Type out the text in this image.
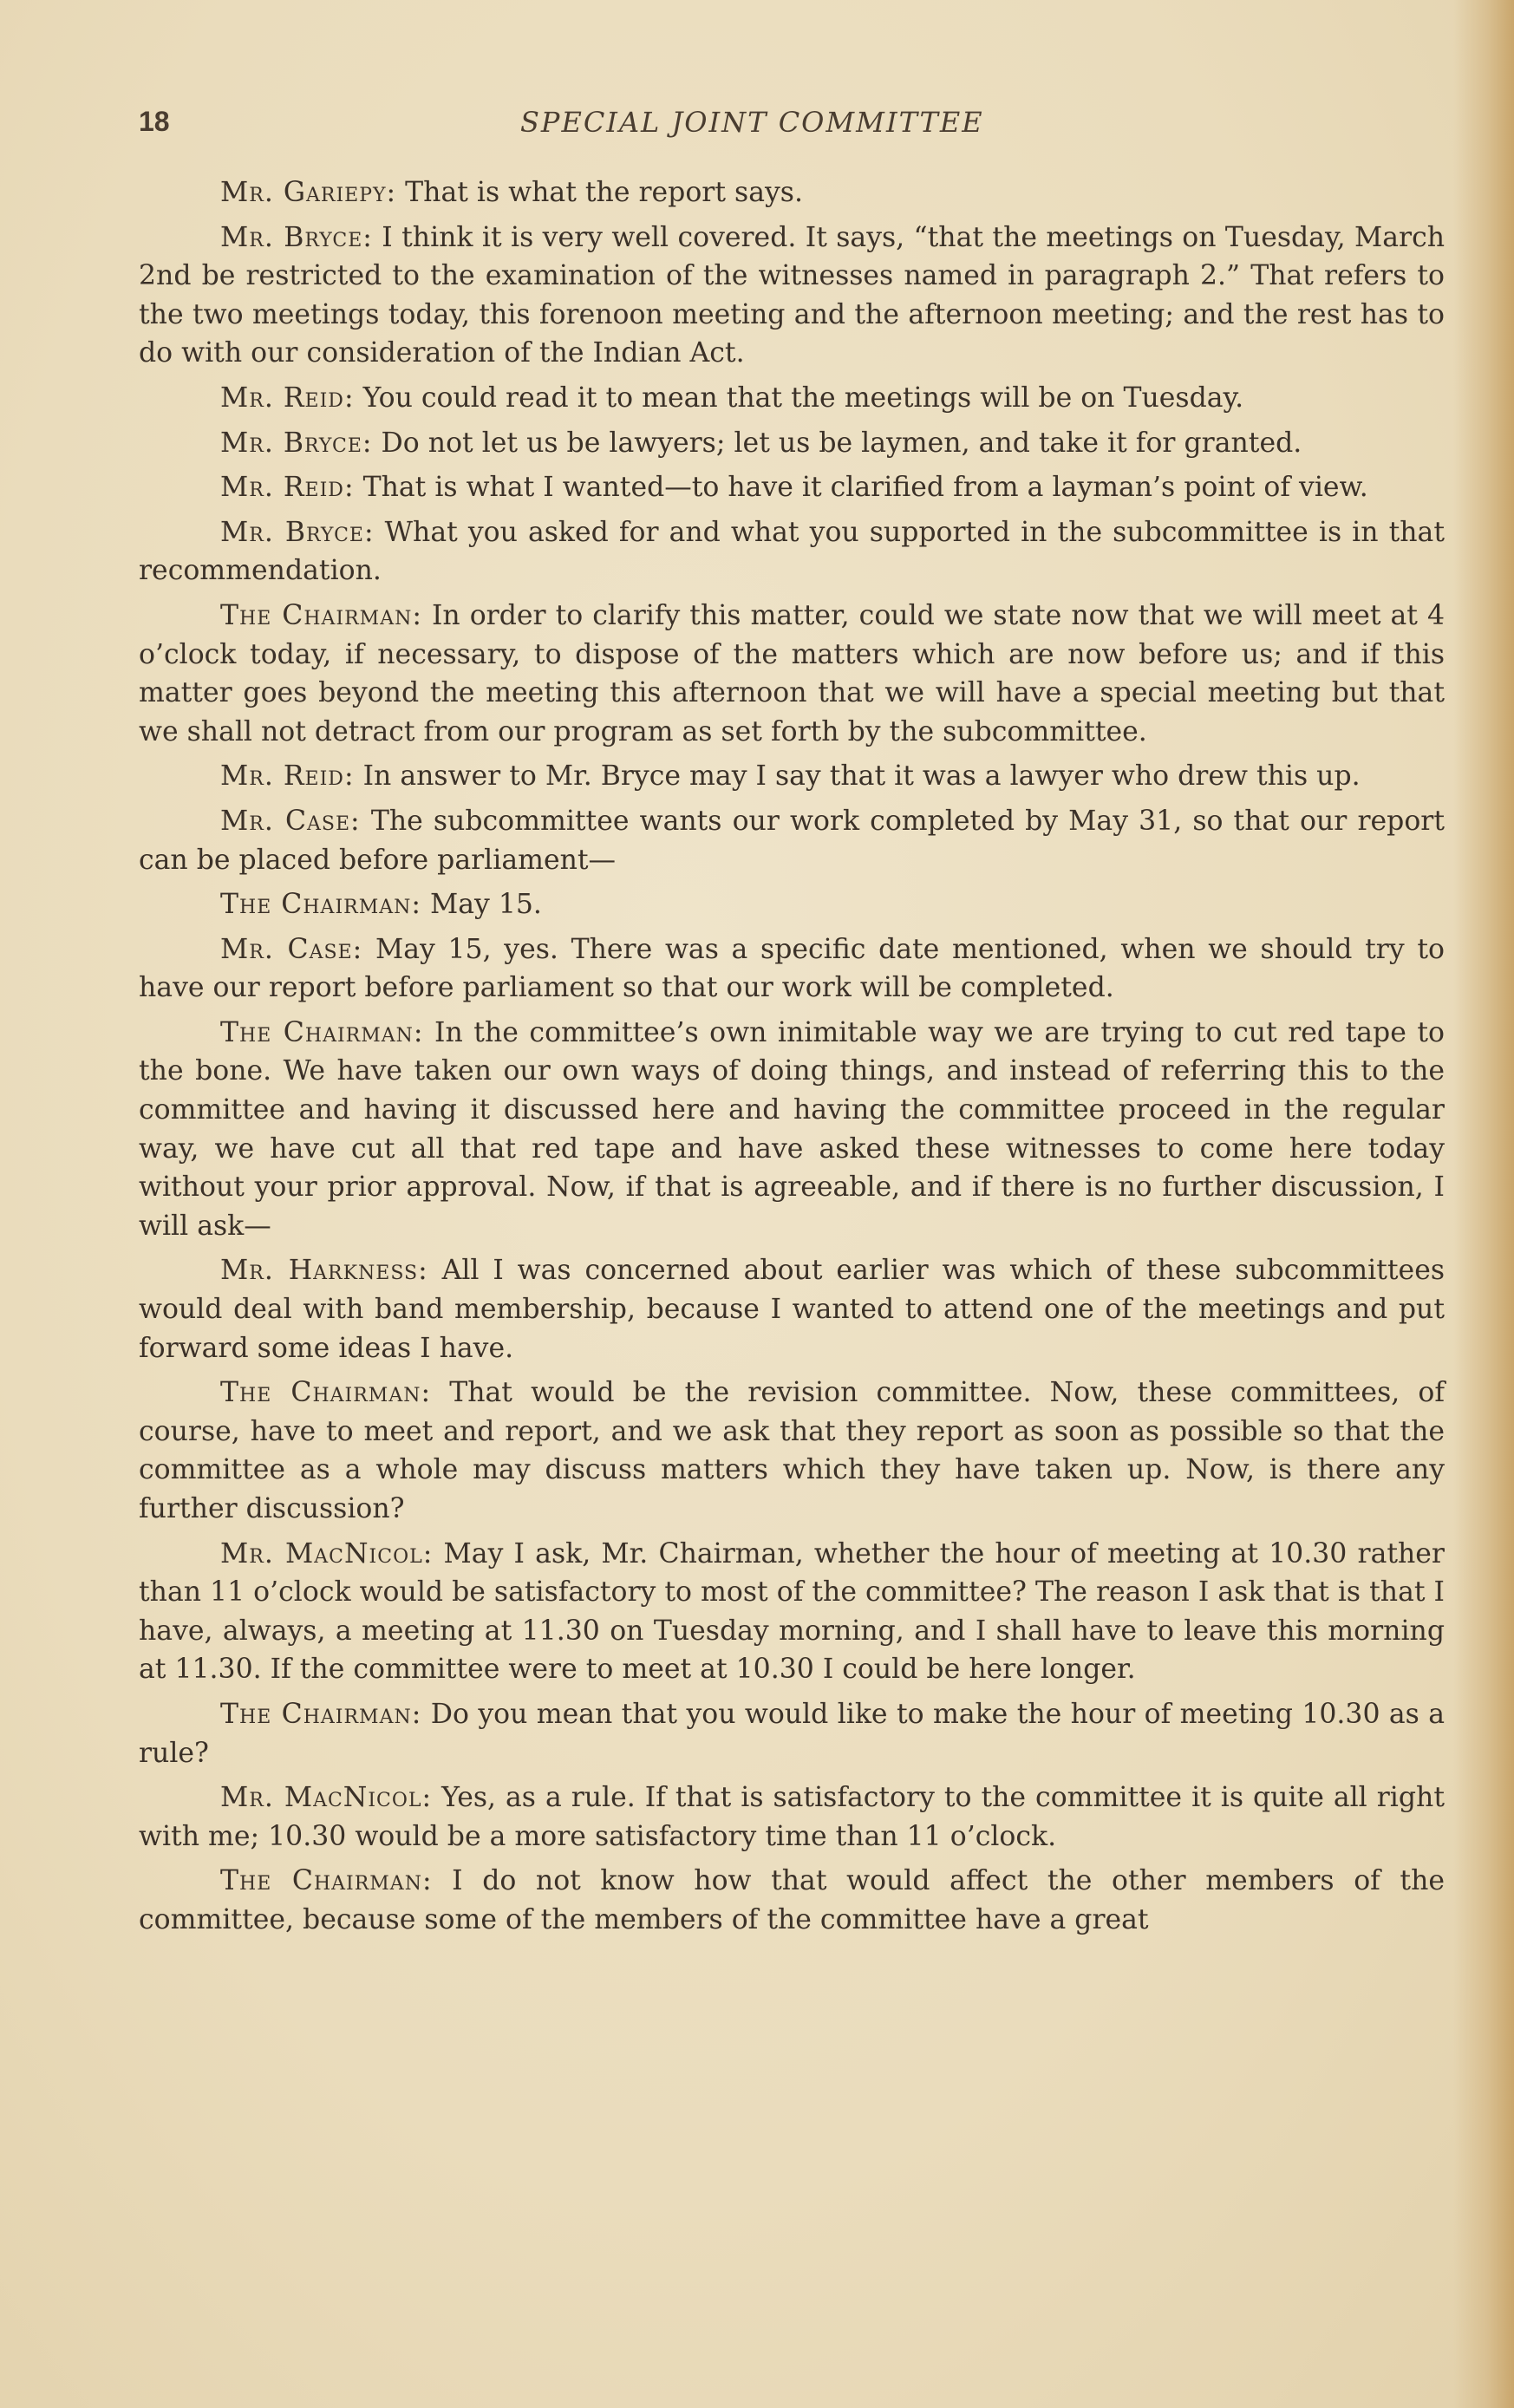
18	SPECIAL JOINT COMMITTEE

Mr. Gariepy: That is what the report says.

Mr. Bryce: I think it is very well covered. It says, “that the meetings on Tuesday, March 2nd be restricted to the examination of the witnesses named in paragraph 2.” That refers to the two meetings today, this forenoon meeting and the afternoon meeting; and the rest has to do with our consideration of the Indian Act.

Mr. Reid: You could read it to mean that the meetings will be on Tuesday.

Mr. Bryce: Do not let us be lawyers; let us be laymen, and take it for granted.

Mr. Reid: That is what I wanted—to have it clarified from a layman’s point of view.

Mr. Bryce: What you asked for and what you supported in the subcommittee is in that recommendation.

The Chairman: In order to clarify this matter, could we state now that we will meet at 4 o’clock today, if necessary, to dispose of the matters which are now before us; and if this matter goes beyond the meeting this afternoon that we will have a special meeting but that we shall not detract from our program as set forth by the subcommittee.

Mr. Reid: In answer to Mr. Bryce may I say that it was a lawyer who drew this up.

Mr. Case: The subcommittee wants our work completed by May 31, so that our report can be placed before parliament—

The Chairman: May 15.

Mr. Case: May 15, yes. There was a specific date mentioned, when we should try to have our report before parliament so that our work will be completed.

The Chairman: In the committee’s own inimitable way we are trying to cut red tape to the bone. We have taken our own ways of doing things, and instead of referring this to the committee and having it discussed here and having the committee proceed in the regular way, we have cut all that red tape and have asked these witnesses to come here today without your prior approval. Now, if that is agreeable, and if there is no further discussion, I will ask—

Mr. Harkness: All I was concerned about earlier was which of these subcommittees would deal with band membership, because I wanted to attend one of the meetings and put forward some ideas I have.

The Chairman: That would be the revision committee. Now, these committees, of course, have to meet and report, and we ask that they report as soon as possible so that the committee as a whole may discuss matters which they have taken up. Now, is there any further discussion?

Mr. MacNicol: May I ask, Mr. Chairman, whether the hour of meeting at 10.30 rather than 11 o’clock would be satisfactory to most of the committee? The reason I ask that is that I have, always, a meeting at 11.30 on Tuesday morning, and I shall have to leave this morning at 11.30. If the committee were to meet at 10.30 I could be here longer.

The Chairman: Do you mean that you would like to make the hour of meeting 10.30 as a rule?

Mr. MacNicol: Yes, as a rule. If that is satisfactory to the committee it is quite all right with me; 10.30 would be a more satisfactory time than 11 o’clock.

The Chairman: I do not know how that would affect the other members of the committee, because some of the members of the committee have a great
